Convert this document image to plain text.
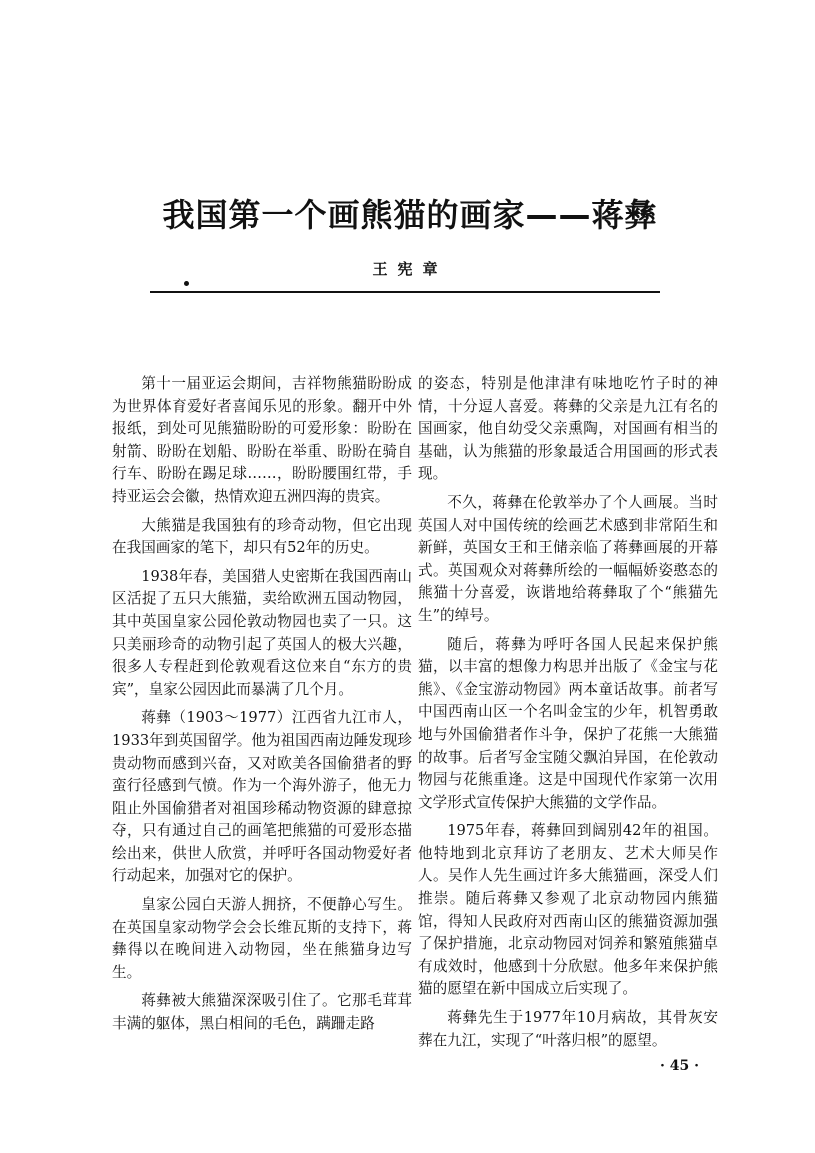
我国第一个画熊猫的画家——蒋彝
王宪章

第十一届亚运会期间，吉祥物熊猫盼盼成为世界体育爱好者喜闻乐见的形象。翻开中外报纸，到处可见熊猫盼盼的可爱形象：盼盼在射箭、盼盼在划船、盼盼在举重、盼盼在骑自行车、盼盼在踢足球……，盼盼腰围红带，手持亚运会会徽，热情欢迎五洲四海的贵宾。

大熊猫是我国独有的珍奇动物，但它出现在我国画家的笔下，却只有52年的历史。

1938年春，美国猎人史密斯在我国西南山区活捉了五只大熊猫，卖给欧洲五国动物园，其中英国皇家公园伦敦动物园也卖了一只。这只美丽珍奇的动物引起了英国人的极大兴趣，很多人专程赶到伦敦观看这位来自“东方的贵宾”，皇家公园因此而暴满了几个月。

蒋彝（1903～1977）江西省九江市人，1933年到英国留学。他为祖国西南边陲发现珍贵动物而感到兴奋，又对欧美各国偷猎者的野蛮行径感到气愤。作为一个海外游子，他无力阻止外国偷猎者对祖国珍稀动物资源的肆意掠夺，只有通过自己的画笔把熊猫的可爱形态描绘出来，供世人欣赏，并呼吁各国动物爱好者行动起来，加强对它的保护。

皇家公园白天游人拥挤，不便静心写生。在英国皇家动物学会会长维瓦斯的支持下，蒋彝得以在晚间进入动物园，坐在熊猫身边写生。

蒋彝被大熊猫深深吸引住了。它那毛茸茸丰满的躯体，黑白相间的毛色，蹒跚走路

的姿态，特别是他津津有味地吃竹子时的神情，十分逗人喜爱。蒋彝的父亲是九江有名的国画家，他自幼受父亲熏陶，对国画有相当的基础，认为熊猫的形象最适合用国画的形式表现。

不久，蒋彝在伦敦举办了个人画展。当时英国人对中国传统的绘画艺术感到非常陌生和新鲜，英国女王和王储亲临了蒋彝画展的开幕式。英国观众对蒋彝所绘的一幅幅娇姿憨态的熊猫十分喜爱，诙谐地给蒋彝取了个“熊猫先生”的绰号。

随后，蒋彝为呼吁各国人民起来保护熊猫，以丰富的想像力构思并出版了《金宝与花熊》、《金宝游动物园》两本童话故事。前者写中国西南山区一个名叫金宝的少年，机智勇敢地与外国偷猎者作斗争，保护了花熊一大熊猫的故事。后者写金宝随父飘泊异国，在伦敦动物园与花熊重逢。这是中国现代作家第一次用文学形式宣传保护大熊猫的文学作品。

1975年春，蒋彝回到阔别42年的祖国。他特地到北京拜访了老朋友、艺术大师吴作人。吴作人先生画过许多大熊猫画，深受人们推崇。随后蒋彝又参观了北京动物园内熊猫馆，得知人民政府对西南山区的熊猫资源加强了保护措施，北京动物园对饲养和繁殖熊猫卓有成效时，他感到十分欣慰。他多年来保护熊猫的愿望在新中国成立后实现了。

蒋彝先生于1977年10月病故，其骨灰安葬在九江，实现了“叶落归根”的愿望。

· 45 ·
